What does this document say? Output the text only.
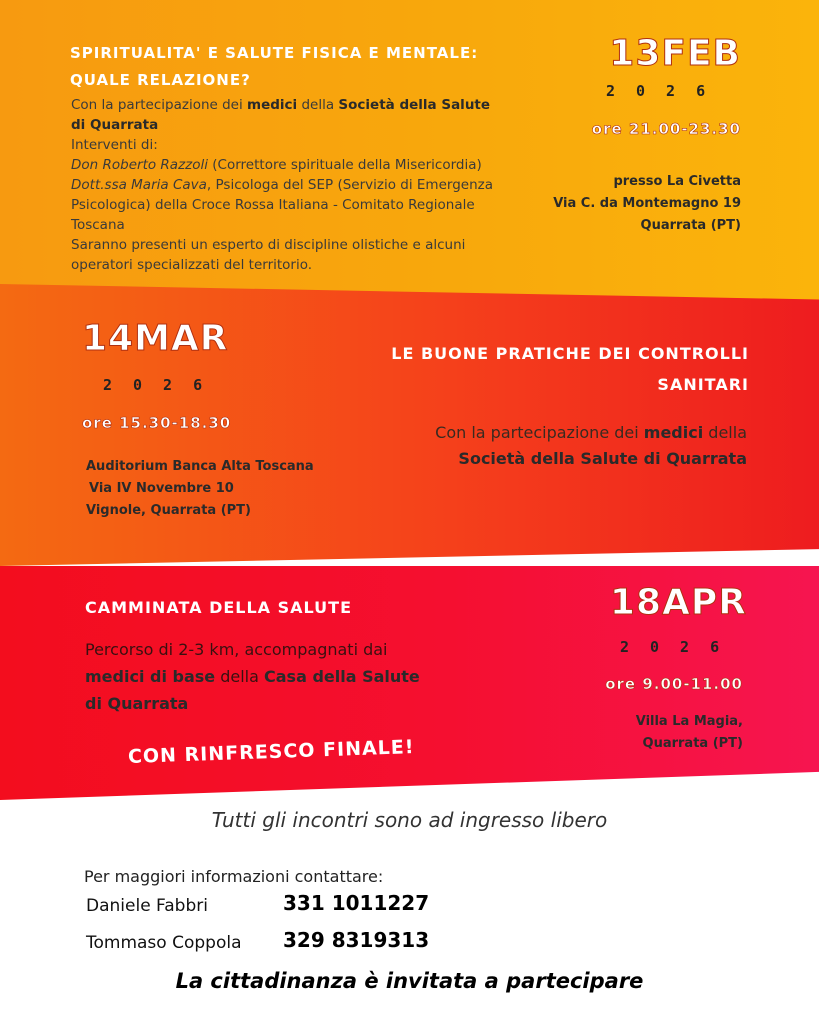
SPIRITUALITA' E SALUTE FISICA E MENTALE:
QUALE RELAZIONE?
Con la partecipazione dei medici della Società della Salute
di Quarrata
Interventi di:
Don Roberto Razzoli (Correttore spirituale della Misericordia)
Dott.ssa Maria Cava, Psicologa del SEP (Servizio di Emergenza
Psicologica) della Croce Rossa Italiana - Comitato Regionale
Toscana
Saranno presenti un esperto di discipline olistiche e alcuni
operatori specializzati del territorio.
13FEB
2026
ore 21.00-23.30
presso La Civetta
Via C. da Montemagno 19
Quarrata (PT)
14MAR
2026
ore 15.30-18.30
Auditorium Banca Alta Toscana
Via IV Novembre 10
Vignole, Quarrata (PT)
LE BUONE PRATICHE DEI CONTROLLI
SANITARI
Con la partecipazione dei medici della
Società della Salute di Quarrata
CAMMINATA DELLA SALUTE
Percorso di 2-3 km, accompagnati dai
medici di base della Casa della Salute
di Quarrata
CON RINFRESCO FINALE!
18APR
2026
ore 9.00-11.00
Villa La Magia,
Quarrata (PT)
Tutti gli incontri sono ad ingresso libero
Per maggiori informazioni contattare:
Daniele Fabbri	331 1011227
Tommaso Coppola 329 8319313
La cittadinanza è invitata a partecipare
